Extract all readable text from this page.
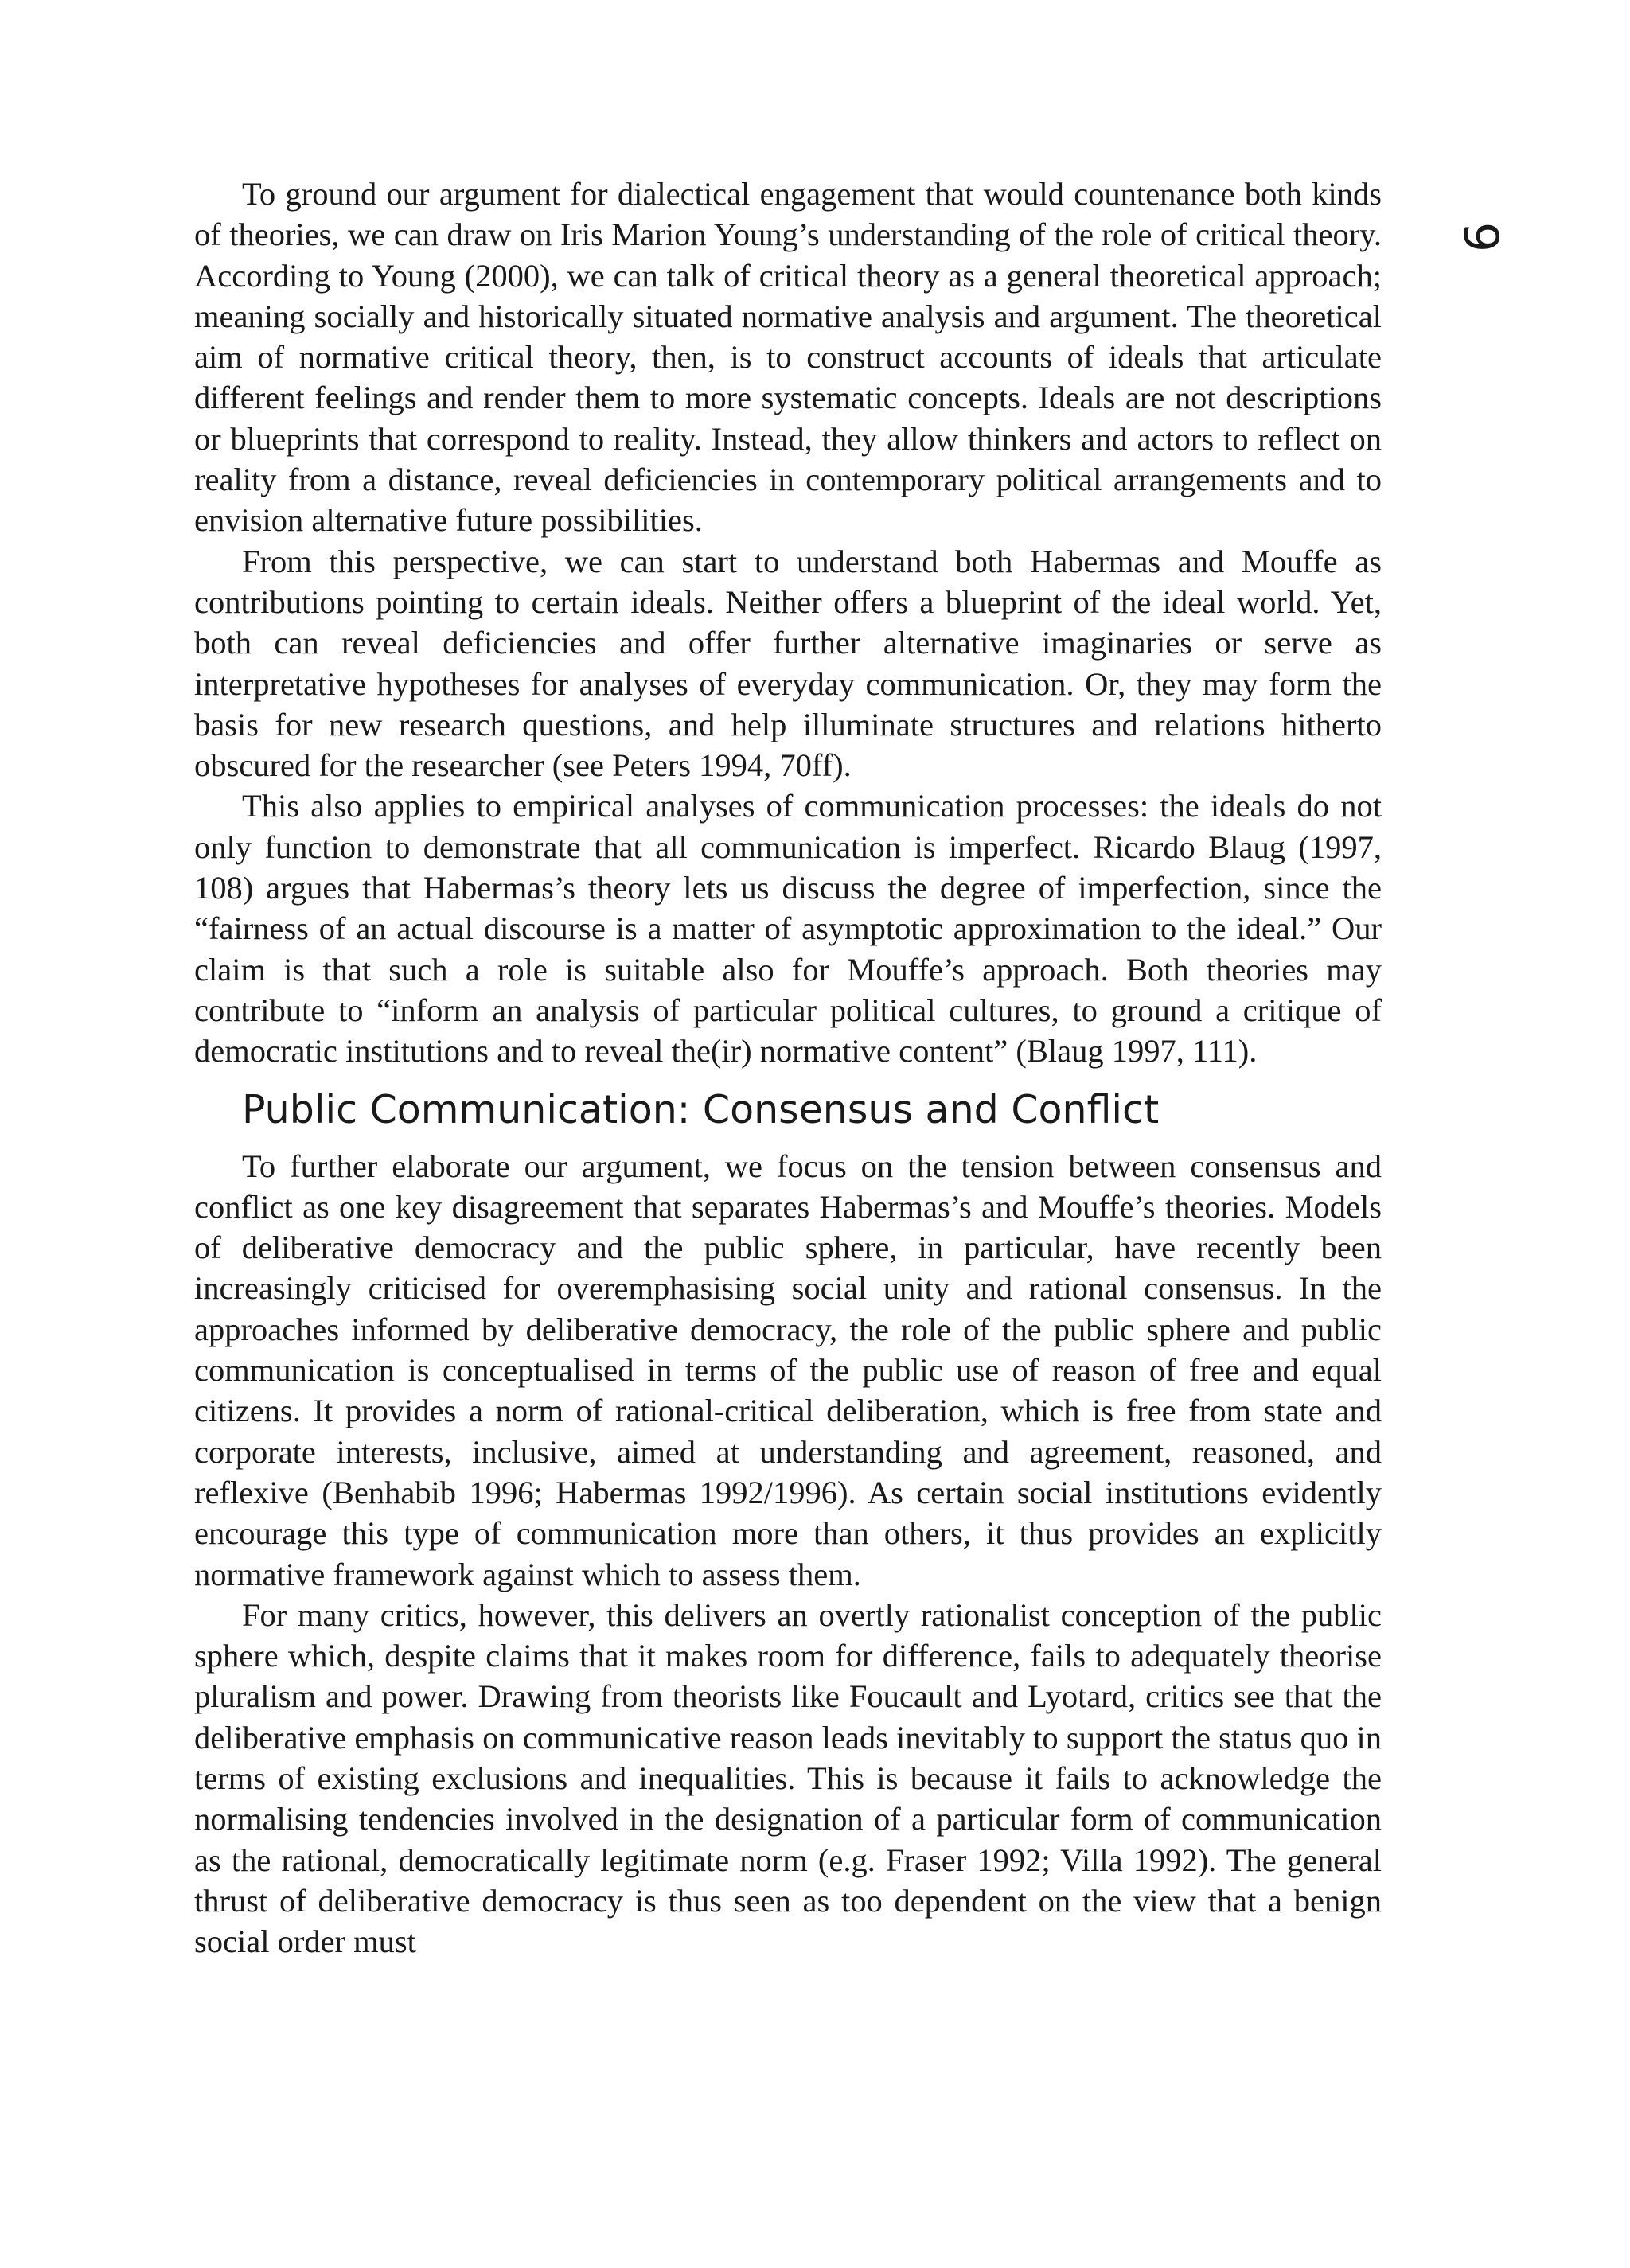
9

To ground our argument for dialectical engagement that would countenance both kinds of theories, we can draw on Iris Marion Young’s understanding of the role of critical theory. According to Young (2000), we can talk of critical theory as a general theoretical approach; meaning socially and historically situated normative analysis and argument. The theoretical aim of normative critical theory, then, is to construct accounts of ideals that articulate different feelings and render them to more systematic concepts. Ideals are not descriptions or blueprints that correspond to reality. Instead, they allow thinkers and actors to reflect on reality from a distance, reveal deficiencies in contemporary political arrangements and to envision alternative future possibilities.

From this perspective, we can start to understand both Habermas and Mouffe as contributions pointing to certain ideals. Neither offers a blueprint of the ideal world. Yet, both can reveal deficiencies and offer further alternative imaginaries or serve as interpretative hypotheses for analyses of everyday communication. Or, they may form the basis for new research questions, and help illuminate structures and relations hitherto obscured for the researcher (see Peters 1994, 70ff).

This also applies to empirical analyses of communication processes: the ideals do not only function to demonstrate that all communication is imperfect. Ricardo Blaug (1997, 108) argues that Habermas’s theory lets us discuss the degree of imperfection, since the “fairness of an actual discourse is a matter of asymptotic approximation to the ideal.” Our claim is that such a role is suitable also for Mouffe’s approach. Both theories may contribute to “inform an analysis of particular political cultures, to ground a critique of democratic institutions and to reveal the(ir) normative content” (Blaug 1997, 111).

Public Communication: Consensus and Conflict

To further elaborate our argument, we focus on the tension between consensus and conflict as one key disagreement that separates Habermas’s and Mouffe’s theories. Models of deliberative democracy and the public sphere, in particular, have recently been increasingly criticised for overemphasising social unity and rational consensus. In the approaches informed by deliberative democracy, the role of the public sphere and public communication is conceptualised in terms of the public use of reason of free and equal citizens. It provides a norm of rational-critical deliberation, which is free from state and corporate interests, inclusive, aimed at understanding and agreement, reasoned, and reflexive (Benhabib 1996; Habermas 1992/1996). As certain social institutions evidently encourage this type of communication more than others, it thus provides an explicitly normative framework against which to assess them.

For many critics, however, this delivers an overtly rationalist conception of the public sphere which, despite claims that it makes room for difference, fails to adequately theorise pluralism and power. Drawing from theorists like Foucault and Lyotard, critics see that the deliberative emphasis on communicative reason leads inevitably to support the status quo in terms of existing exclusions and inequalities. This is because it fails to acknowledge the normalising tendencies involved in the designation of a particular form of communication as the rational, democratically legitimate norm (e.g. Fraser 1992; Villa 1992). The general thrust of deliberative democracy is thus seen as too dependent on the view that a benign social order must
